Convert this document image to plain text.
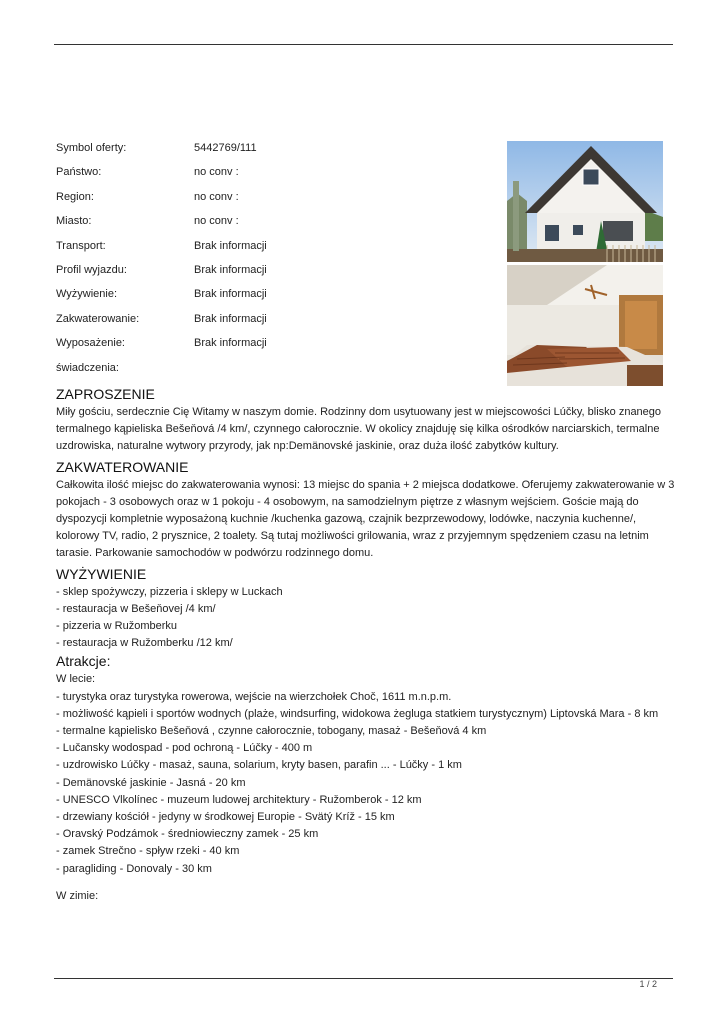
Symbol oferty:	5442769/111
Państwo:	no conv :
Region:	no conv :
Miasto:	no conv :
Transport:	Brak informacji
Profil wyjazdu:	Brak informacji
Wyżywienie:	Brak informacji
Zakwaterowanie:	Brak informacji
Wyposażenie:	Brak informacji
świadczenia:
ZAPROSZENIE

Miły gościu, serdecznie Cię Witamy w naszym domie. Rodzinny dom usytuowany jest w miejscowości Lúčky, blisko znanego termalnego kąpieliska Bešeňová /4 km/, czynnego całorocznie. W okolicy znajduję się kilka ośrodków narciarskich, termalne uzdrowiska, naturalne wytwory przyrody, jak np:Demänovské jaskinie, oraz duża ilość zabytków kultury.

ZAKWATEROWANIE

Całkowita ilość miejsc do zakwaterowania wynosi: 13 miejsc do spania + 2 miejsca dodatkowe. Oferujemy zakwaterowanie w 3 pokojach - 3 osobowych oraz w 1 pokoju - 4 osobowym, na samodzielnym piętrze z własnym wejściem. Goście mają do dyspozycji kompletnie wyposażoną kuchnie /kuchenka gazową, czajnik bezprzewodowy, lodówke, naczynia kuchenne/, kolorowy TV, radio, 2 prysznice, 2 toalety. Są tutaj możliwości grilowania, wraz z przyjemnym spędzeniem czasu na letnim tarasie. Parkowanie samochodów w podwórzu rodzinnego domu.

WYŻYWIENIE
- sklep spożywczy, pizzeria i sklepy w Luckach
- restauracja w Bešeňovej /4 km/
- pizzeria w Ružomberku
- restauracja w Ružomberku /12 km/
Atrakcje:
W lecie:
- turystyka oraz turystyka rowerowa, wejście na wierzchołek Choč, 1611 m.n.p.m.
- możliwość kąpieli i sportów wodnych (plaże, windsurfing, widokowa żegluga statkiem turystycznym) Liptovská Mara - 8 km
- termalne kąpielisko Bešeňová , czynne całorocznie, tobogany, masaż - Bešeňová 4 km
- Lučansky wodospad - pod ochroną - Lúčky - 400 m
- uzdrowisko Lúčky - masaż, sauna, solarium, kryty basen, parafin ... - Lúčky - 1 km
- Demänovské jaskinie - Jasná - 20 km
- UNESCO Vlkolínec - muzeum ludowej architektury - Ružomberok - 12 km
- drzewiany kościół - jedyny w środkowej Europie - Svätý Kríž - 15 km
- Oravský Podzámok - średniowieczny zamek - 25 km
- zamek Strečno - spływ rzeki - 40 km
- paragliding - Donovaly - 30 km
W zimie:
1 / 2
